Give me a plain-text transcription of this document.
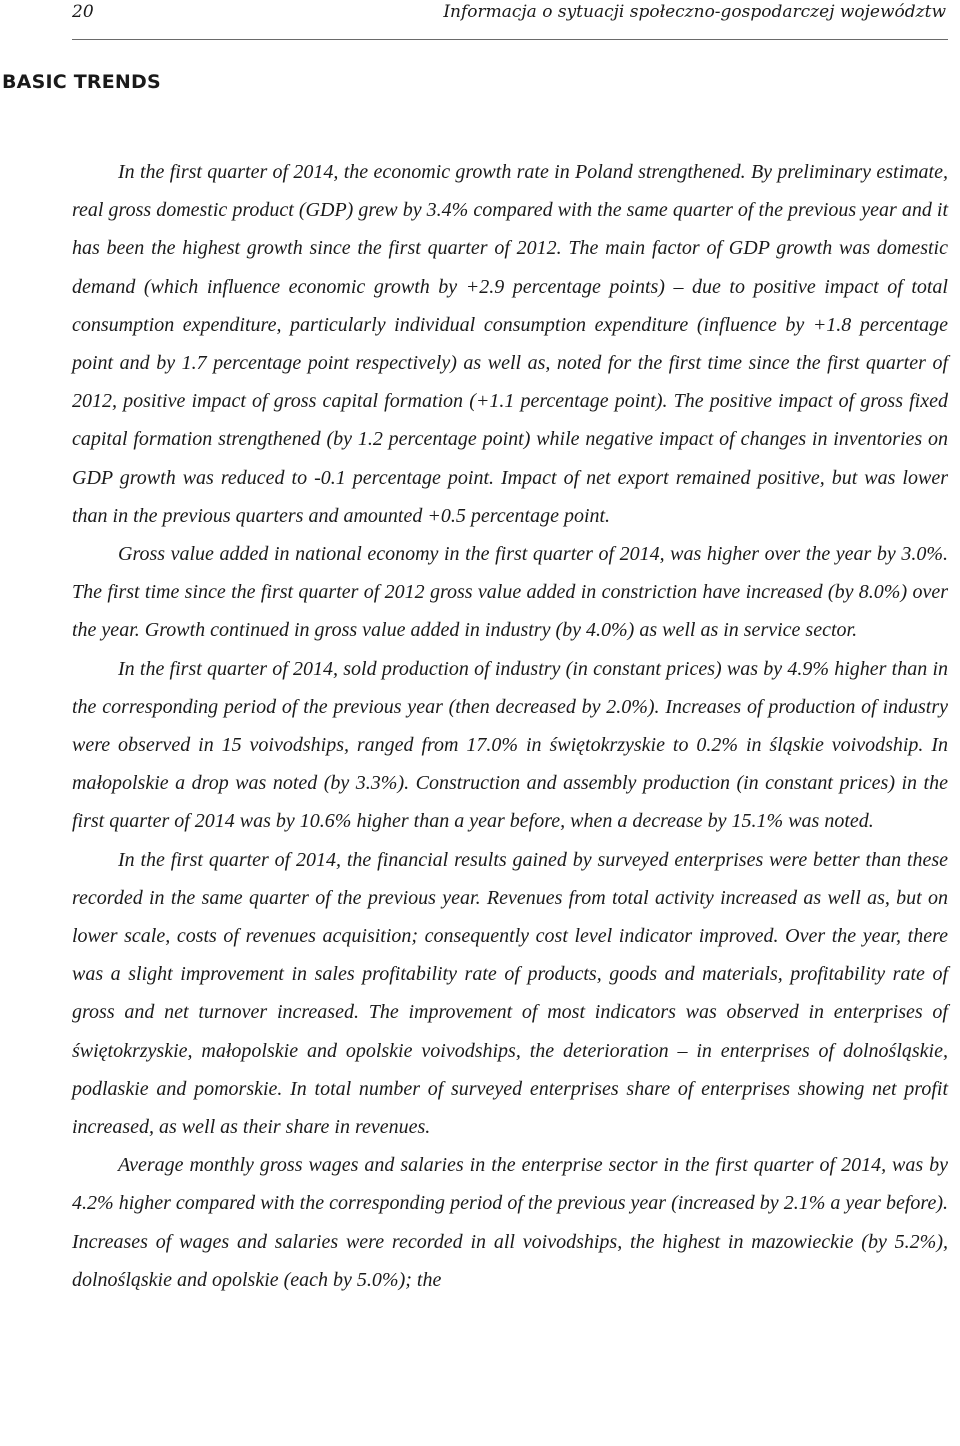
20	Informacja o sytuacji społeczno-gospodarczej województw
BASIC TRENDS

In the first quarter of 2014, the economic growth rate in Poland strengthened. By preliminary estimate, real gross domestic product (GDP) grew by 3.4% compared with the same quarter of the previous year and it has been the highest growth since the first quarter of 2012. The main factor of GDP growth was domestic demand (which influence economic growth by +2.9 percentage points) – due to positive impact of total consumption expenditure, particularly individual consumption expenditure (influence by +1.8 percentage point and by 1.7 percentage point respectively) as well as, noted for the first time since the first quarter of 2012, positive impact of gross capital formation (+1.1 percentage point). The positive impact of gross fixed capital formation strengthened (by 1.2 percentage point) while negative impact of changes in inventories on GDP growth was reduced to -0.1 percentage point. Impact of net export remained positive, but was lower than in the previous quarters and amounted +0.5 percentage point.

Gross value added in national economy in the first quarter of 2014, was higher over the year by 3.0%. The first time since the first quarter of 2012 gross value added in constriction have increased (by 8.0%) over the year. Growth continued in gross value added in industry (by 4.0%) as well as in service sector.

In the first quarter of 2014, sold production of industry (in constant prices) was by 4.9% higher than in the corresponding period of the previous year (then decreased by 2.0%). Increases of production of industry were observed in 15 voivodships, ranged from 17.0% in świętokrzyskie to 0.2% in śląskie voivodship. In małopolskie a drop was noted (by 3.3%). Construction and assembly production (in constant prices) in the first quarter of 2014 was by 10.6% higher than a year before, when a decrease by 15.1% was noted.

In the first quarter of 2014, the financial results gained by surveyed enterprises were better than these recorded in the same quarter of the previous year. Revenues from total activity increased as well as, but on lower scale, costs of revenues acquisition; consequently cost level indicator improved. Over the year, there was a slight improvement in sales profitability rate of products, goods and materials, profitability rate of gross and net turnover increased. The improvement of most indicators was observed in enterprises of świętokrzyskie, małopolskie and opolskie voivodships, the deterioration – in enterprises of dolnośląskie, podlaskie and pomorskie. In total number of surveyed enterprises share of enterprises showing net profit increased, as well as their share in revenues.

Average monthly gross wages and salaries in the enterprise sector in the first quarter of 2014, was by 4.2% higher compared with the corresponding period of the previous year (increased by 2.1% a year before). Increases of wages and salaries were recorded in all voivodships, the highest in mazowieckie (by 5.2%), dolnośląskie and opolskie (each by 5.0%); the
